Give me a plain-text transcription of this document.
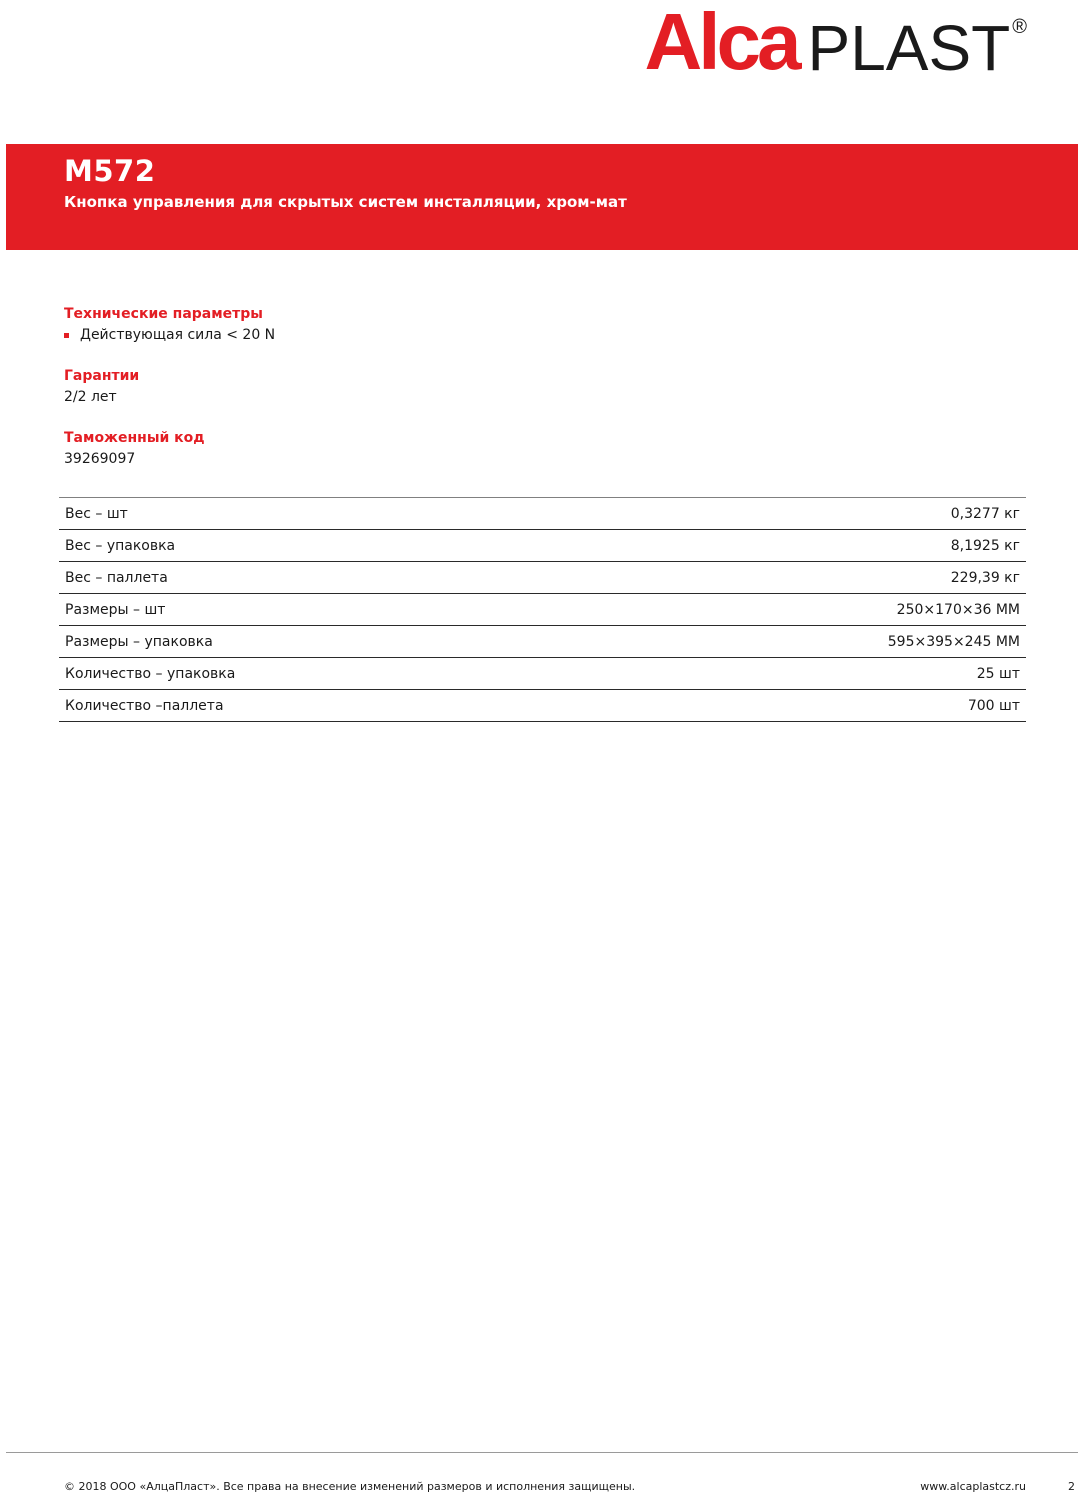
Alca PLAST ®
M572
Кнопка управления для скрытых систем инсталляции, хром-мат

Технические параметры

Действующая сила < 20 N

Гарантии

2/2 лет

Таможенный код

39269097

Вес – шт	0,3277 кг
Вес – упаковка	8,1925 кг
Вес – паллета	229,39 кг
Размеры – шт	250×170×36 ММ
Размеры – упаковка	595×395×245 ММ
Количество – упаковка	25 шт
Количество –паллета	700 шт
© 2018 ООО «АлцаПласт». Все права на внесение изменений размеров и исполнения защищены.	www.alcaplastcz.ru	2
